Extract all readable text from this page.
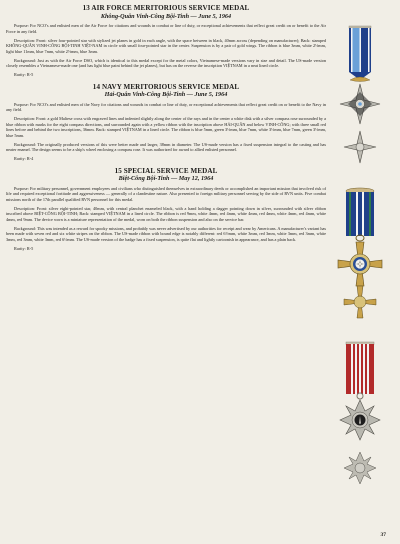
13 AIR FORCE MERITORIOUS SERVICE MEDAL
Không-Quân Vinh-Công Bội-Tinh — June 5, 1964

Purpose: For NCO's and enlisted men of the Air Force for citations and wounds in combat or line of duty, or exceptional achievements that reflect great credit on or benefit to the Air Force in any field.

Description: Front: silver four-pointed star with stylized jet planes in gold in each angle, with the space between in black, 40mm across (depending on manufacturer); Back: stamped KHÔNG-QUÂN VINH-CÔNG BỘI-TINH VIỆT-NAM in circle with small four-pointed star in the center. Suspension is by a pair of gold wings. The ribbon is blue 3mm, white 2½mm, light blue 11mm, blue 7mm, white 2½mm, blue 3mm.

Background: Just as with the Air Force DSO, which is identical to this medal except for the metal colors, Vietnamese-made versions vary in size and detail. The US-made version closely resembles a Vietnamese-made one (and has light blue paint behind the jet planes), but has on the reverse the inscription VIỆTNAM in a neat lined circle.

Rarity: R-5

14 NAVY MERITORIOUS SERVICE MEDAL
Hải-Quân Vinh-Công Bội-Tinh — June 5, 1964

Purpose: For NCO's and enlisted men of the Navy for citations and wounds in combat or line of duty, or exceptional achievements that reflect great credit on or benefit to the Navy in any field.

Description: Front: a gold Maltese cross with engraved lines and indented slightly along the center of the rays and in the center a white disk with a silver compass rose surrounded by a blue ribbon with marks for the eight compass directions, and surrounded again with a yellow ribbon with the inscription above HẢI-QUÂN and below VINH-CÔNG; with three small red lines before and behind the two inscriptions, 36mm. Back: stamped VIỆTNAM in a lined circle. The ribbon is blue 5mm, green 3½mm, blue 7mm, white 3½mm, blue 7mm, green 3½mm, blue 5mm.

Background: The originally produced versions of this were better made and larger, 38mm in diameter. The US-made version has a fixed suspension integral to the casting and has neater enamel. The design seems to be a ship's wheel enclosing a compass rose. It was authorized for award to allied enlisted personnel.

Rarity: R-4

15 SPECIAL SERVICE MEDAL
Biệt-Công Bội-Tinh — May 12, 1964

Purpose: For military personnel, government employees and civilians who distinguished themselves in extraordinary deeds or accomplished an important mission that involved risk of life and required exceptional fortitude and aggressiveness — generally of a clandestine nature. Also presented to foreign military personnel serving by the side of RVN units. Five combat missions north of the 17th parallel qualified RVN personnel for this medal.

Description: Front: silver eight-pointed star, 40mm, with central planchet enameled black, with a hand holding a dagger pointing down in silver, surrounded with silver ribbon inscribed above BIỆT-CÔNG BỘI-TINH; Back: stamped VIỆTNAM in a lined circle. The ribbon is red 9mm, white 4mm, red 4mm, white 4mm, red 4mm, white 4mm, red 4mm, white 4mm, red 9mm. The device worn is a miniature representation of the medal, worn on both the ribbon suspension and also on the service bar.

Background: This was intended as a reward for spooky missions, and probably was never advertised by our authorities for receipt and wear by Americans. A manufacturer's variant has been made with seven red and six white stripes on the ribbon. The US-made ribbon with bound edge is notably different: red 6½mm, white 3mm, red 3mm, white 3mm, red 3mm, white 3mm, red 3mm, white 3mm, red 6½mm. The US-made version of the badge has a fixed suspension, is quite flat and lightly cartoonish in appearance, and has a plain back.

Rarity: R-5

37
